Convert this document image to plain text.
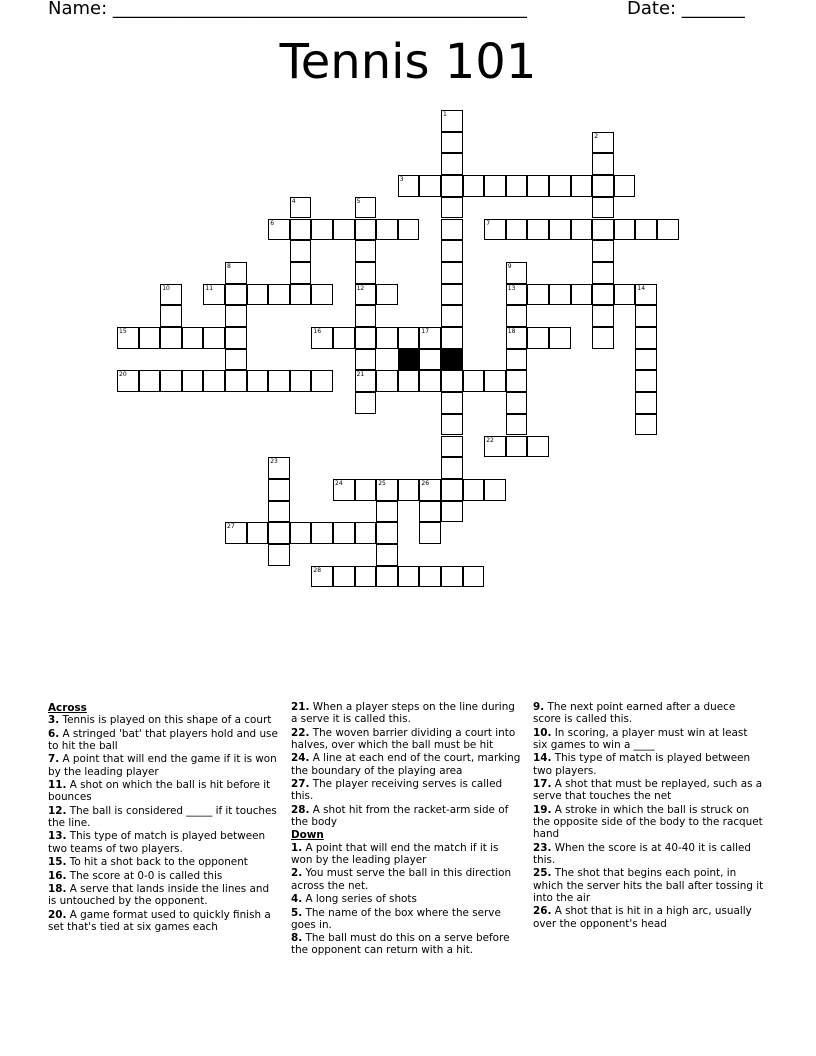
Name: ______________________________________________	Date: _______
Tennis 101
1
19
2
3
4	5
12
21
6	7
8	9
13
18
10	11	14
15	16	17
20
22
23
24	25	26
27
28
Across
3. Tennis is played on this shape of a court
6. A stringed 'bat' that players hold and use to hit the ball
7. A point that will end the game if it is won by the leading player
11. A shot on which the ball is hit before it bounces
12. The ball is considered _____ if it touches the line.
13. This type of match is played between two teams of two players.
15. To hit a shot back to the opponent
16. The score at 0-0 is called this
18. A serve that lands inside the lines and is untouched by the opponent.
20. A game format used to quickly finish a set that's tied at six games each
21. When a player steps on the line during a serve it is called this.
22. The woven barrier dividing a court into halves, over which the ball must be hit
24. A line at each end of the court, marking the boundary of the playing area
27. The player receiving serves is called this.
28. A shot hit from the racket-arm side of the body
Down
1. A point that will end the match if it is won by the leading player
2. You must serve the ball in this direction across the net.
4. A long series of shots
5. The name of the box where the serve goes in.
8. The ball must do this on a serve before the opponent can return with a hit.
9. The next point earned after a duece score is called this.
10. In scoring, a player must win at least six games to win a ____
14. This type of match is played between two players.
17. A shot that must be replayed, such as a serve that touches the net
19. A stroke in which the ball is struck on the opposite side of the body to the racquet hand
23. When the score is at 40-40 it is called this.
25. The shot that begins each point, in which the server hits the ball after tossing it into the air
26. A shot that is hit in a high arc, usually over the opponent's head
